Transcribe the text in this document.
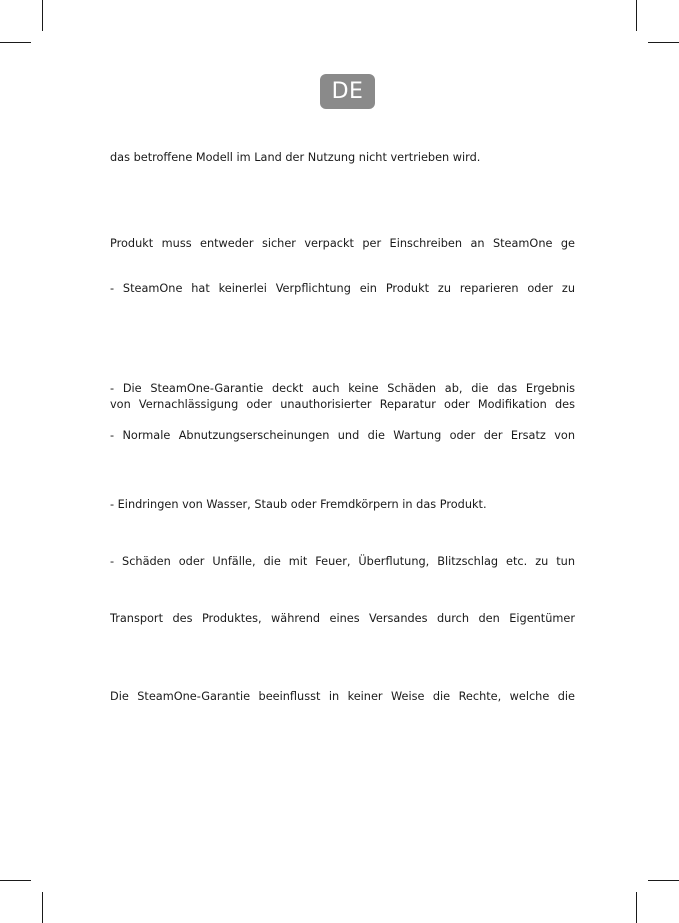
DE
das betroffene Modell im Land der Nutzung nicht vertrieben wird.
Produkt muss entweder sicher verpackt per Einschreiben an SteamOne ge
- SteamOne hat keinerlei Verpflichtung ein Produkt zu reparieren oder zu
- Die SteamOne-Garantie deckt auch keine Schäden ab, die das Ergebnis
von Vernachlässigung oder unauthorisierter Reparatur oder Modifikation des
- Normale Abnutzungserscheinungen und die Wartung oder der Ersatz von
- Eindringen von Wasser, Staub oder Fremdkörpern in das Produkt.
- Schäden oder Unfälle, die mit Feuer, Überflutung, Blitzschlag etc. zu tun
Transport des Produktes, während eines Versandes durch den Eigentümer
Die SteamOne-Garantie beeinflusst in keiner Weise die Rechte, welche die
